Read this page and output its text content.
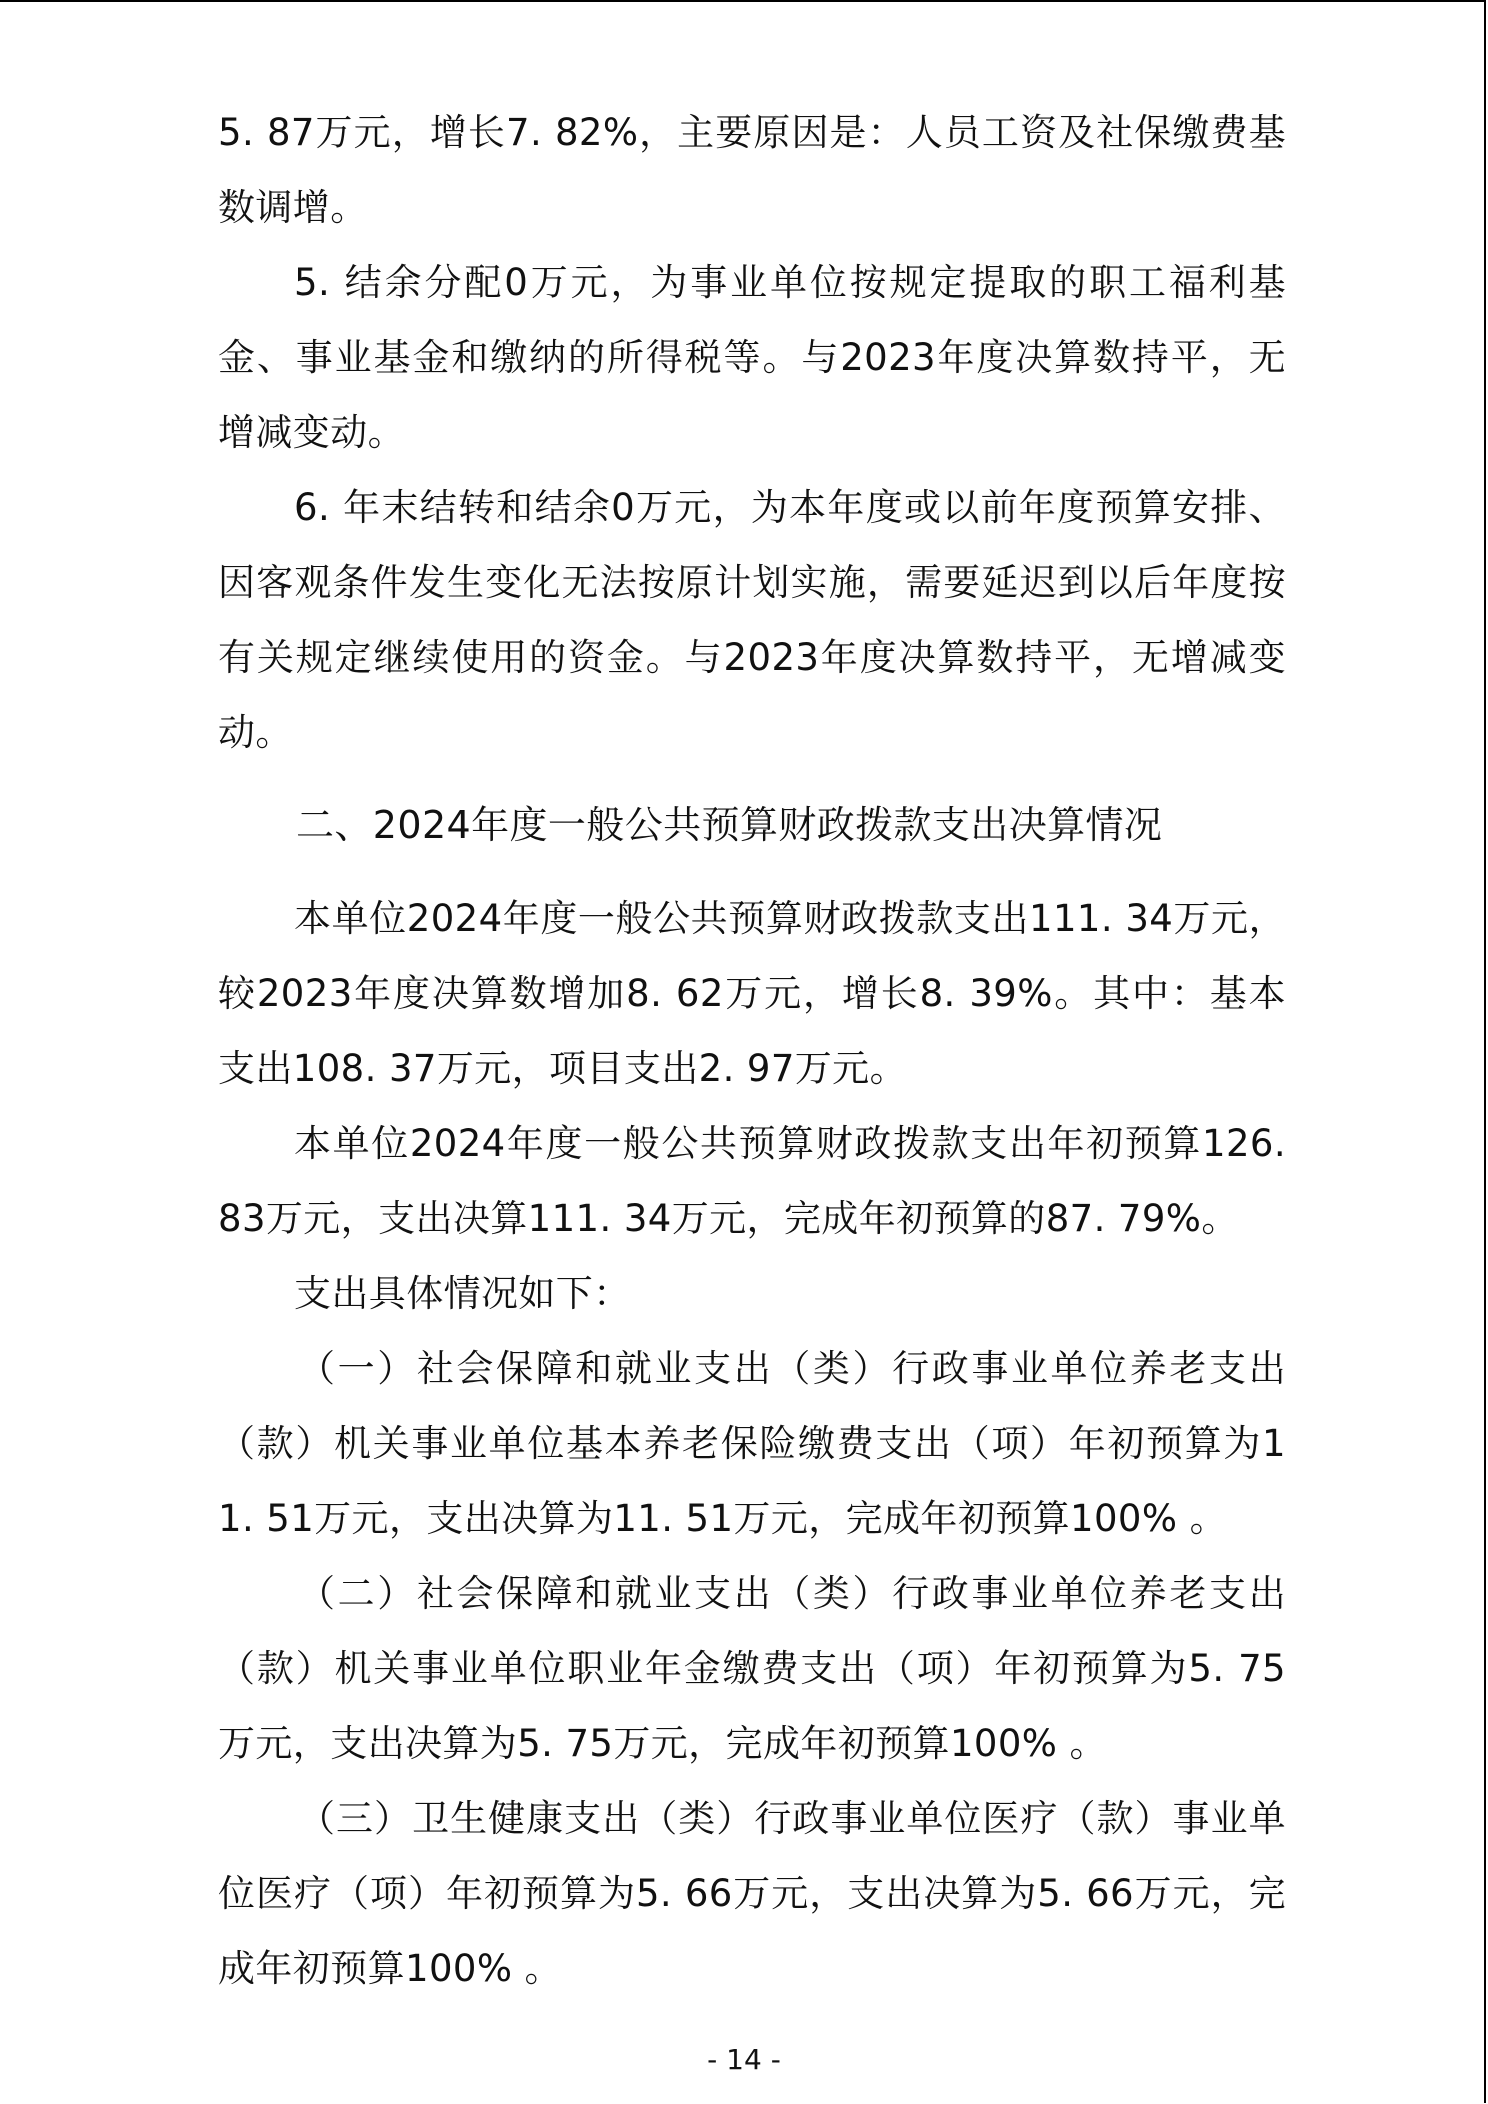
5. 87万元，增长7. 82%，主要原因是：人员工资及社保缴费基数调增。

5. 结余分配0万元，为事业单位按规定提取的职工福利基金、事业基金和缴纳的所得税等。与2023年度决算数持平，无增减变动。

6. 年末结转和结余0万元，为本年度或以前年度预算安排、因客观条件发生变化无法按原计划实施，需要延迟到以后年度按有关规定继续使用的资金。与2023年度决算数持平，无增减变动。

二、2024年度一般公共预算财政拨款支出决算情况

本单位2024年度一般公共预算财政拨款支出111. 34万元，较2023年度决算数增加8. 62万元，增长8. 39%。其中：基本支出108. 37万元，项目支出2. 97万元。

本单位2024年度一般公共预算财政拨款支出年初预算126. 83万元，支出决算111. 34万元，完成年初预算的87. 79%。

支出具体情况如下：

（一）社会保障和就业支出（类）行政事业单位养老支出（款）机关事业单位基本养老保险缴费支出（项）年初预算为11. 51万元，支出决算为11. 51万元，完成年初预算100% 。

（二）社会保障和就业支出（类）行政事业单位养老支出（款）机关事业单位职业年金缴费支出（项）年初预算为5. 75万元，支出决算为5. 75万元，完成年初预算100% 。

（三）卫生健康支出（类）行政事业单位医疗（款）事业单位医疗（项）年初预算为5. 66万元，支出决算为5. 66万元，完成年初预算100% 。

- 14 -
